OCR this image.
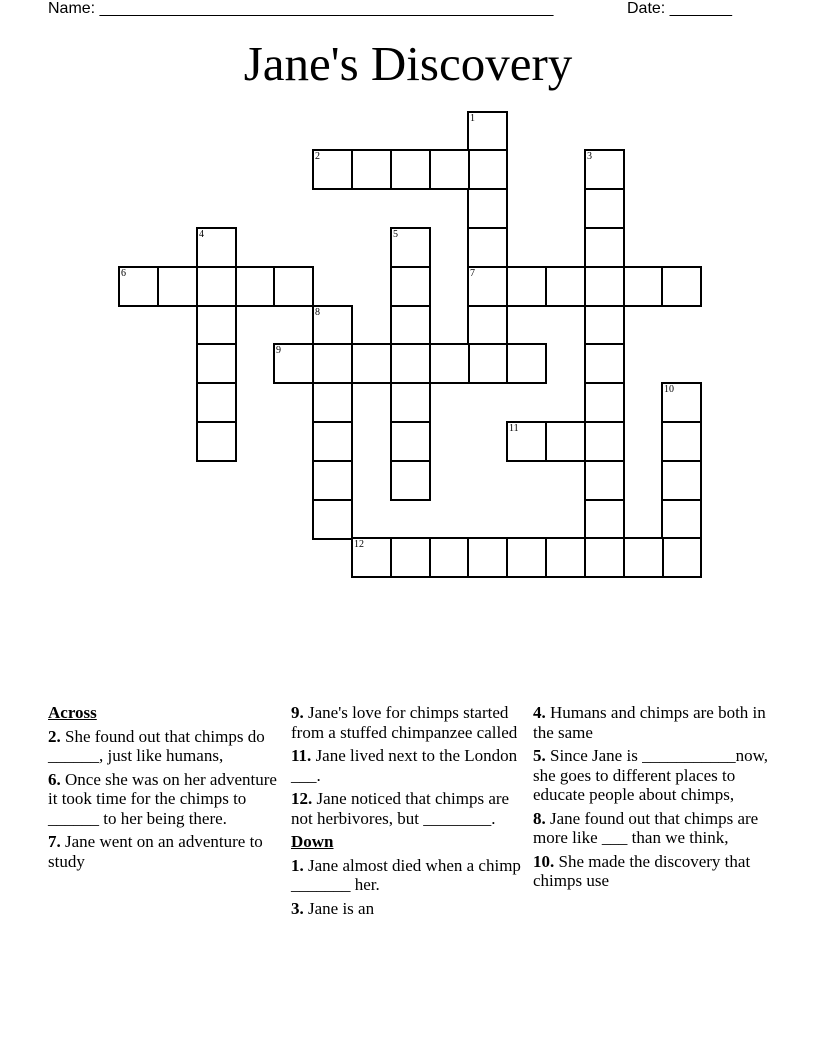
Name: ___________________________________________________	Date: _______
Jane's Discovery
1
7
2	3
4	5
6
8
9
10
11
12
Across
2. She found out that chimps do ______, just like humans,
6. Once she was on her adventure it took time for the chimps to ______ to her being there.
7. Jane went on an adventure to study
9. Jane's love for chimps started from a stuffed chimpanzee called
11. Jane lived next to the London ___.
12. Jane noticed that chimps are not herbivores, but ________.
Down
1. Jane almost died when a chimp _______ her.
3. Jane is an
4. Humans and chimps are both in the same
5. Since Jane is ___________now, she goes to different places to educate people about chimps,
8. Jane found out that chimps are more like ___ than we think,
10. She made the discovery that chimps use
